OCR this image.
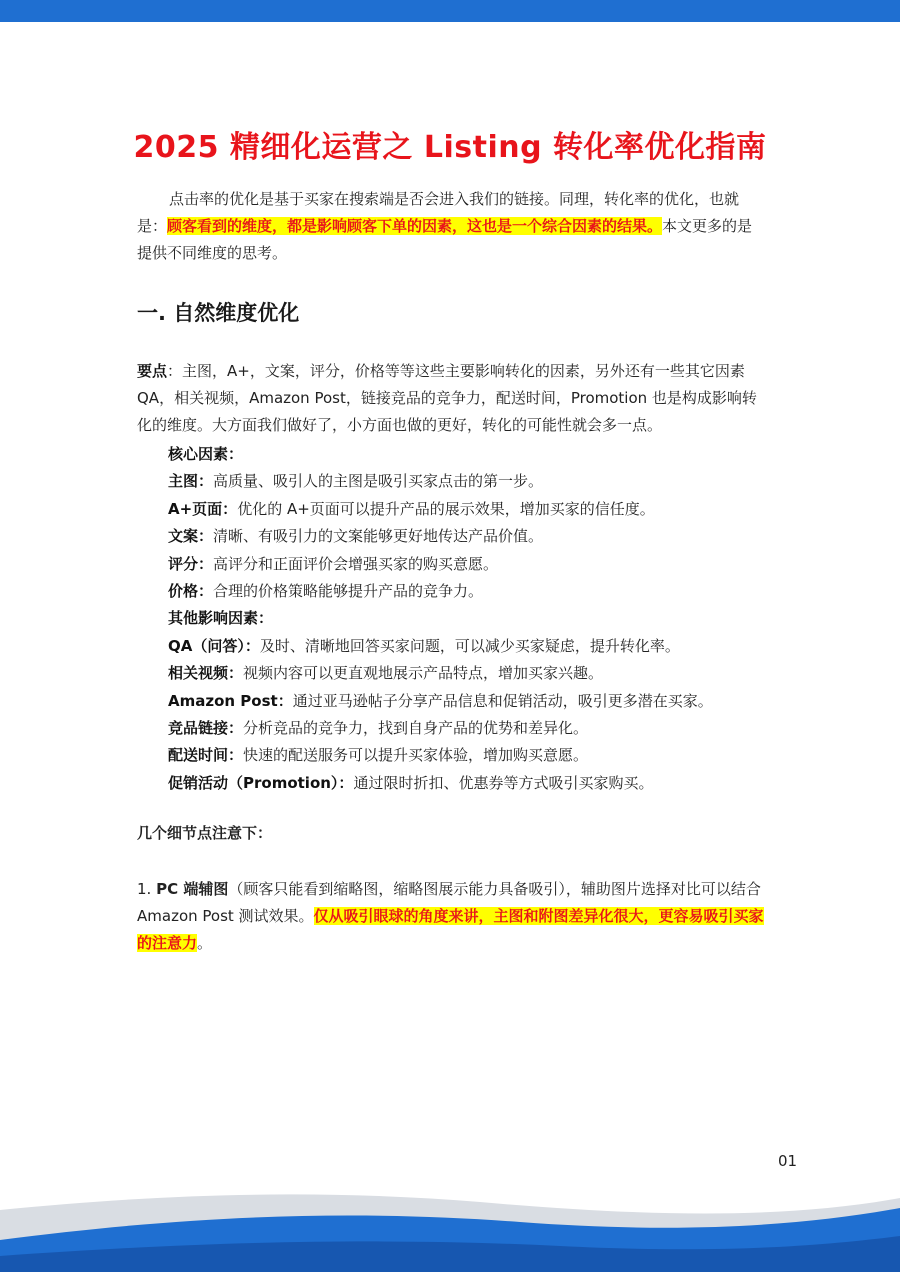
2025 精细化运营之 Listing 转化率优化指南
点击率的优化是基于买家在搜索端是否会进入我们的链接。同理，转化率的优化，也就是：顾客看到的维度，都是影响顾客下单的因素，这也是一个综合因素的结果。本文更多的是提供不同维度的思考。
一. 自然维度优化
要点：主图，A+，文案，评分，价格等等这些主要影响转化的因素，另外还有一些其它因素 QA，相关视频，Amazon Post，链接竞品的竞争力，配送时间，Promotion 也是构成影响转化的维度。大方面我们做好了，小方面也做的更好，转化的可能性就会多一点。
核心因素：
主图：高质量、吸引人的主图是吸引买家点击的第一步。
A+页面：优化的 A+页面可以提升产品的展示效果，增加买家的信任度。
文案：清晰、有吸引力的文案能够更好地传达产品价值。
评分：高评分和正面评价会增强买家的购买意愿。
价格：合理的价格策略能够提升产品的竞争力。
其他影响因素：
QA（问答）：及时、清晰地回答买家问题，可以减少买家疑虑，提升转化率。
相关视频：视频内容可以更直观地展示产品特点，增加买家兴趣。
Amazon Post：通过亚马逊帖子分享产品信息和促销活动，吸引更多潜在买家。
竞品链接：分析竞品的竞争力，找到自身产品的优势和差异化。
配送时间：快速的配送服务可以提升买家体验，增加购买意愿。
促销活动（Promotion）：通过限时折扣、优惠券等方式吸引买家购买。
几个细节点注意下：
1. PC 端辅图（顾客只能看到缩略图，缩略图展示能力具备吸引），辅助图片选择对比可以结合 Amazon Post 测试效果。仅从吸引眼球的角度来讲，主图和附图差异化很大，更容易吸引买家的注意力。
01
